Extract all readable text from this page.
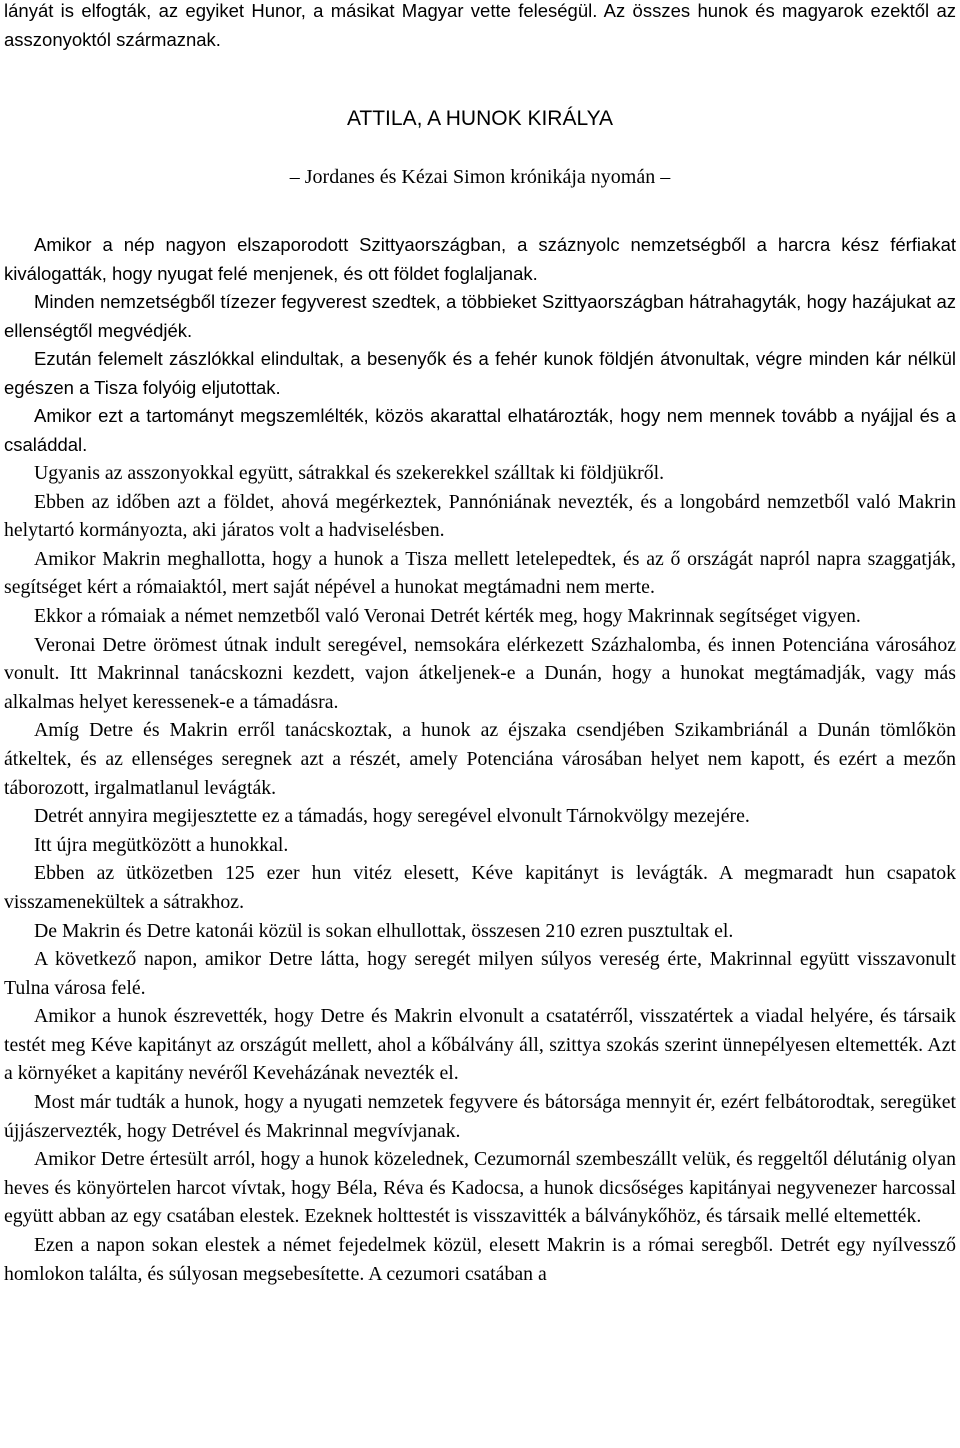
lányát is elfogták, az egyiket Hunor, a másikat Magyar vette feleségül. Az összes hunok és magyarok ezektől az asszonyoktól származnak.

ATTILA, A HUNOK KIRÁLYA

– Jordanes és Kézai Simon krónikája nyomán –

Amikor a nép nagyon elszaporodott Szittyaországban, a száznyolc nemzetségből a harcra kész férfiakat kiválogatták, hogy nyugat felé menjenek, és ott földet foglaljanak.

Minden nemzetségből tízezer fegyverest szedtek, a többieket Szittyaországban hátrahagyták, hogy hazájukat az ellenségtől megvédjék.

Ezután felemelt zászlókkal elindultak, a besenyők és a fehér kunok földjén átvonultak, végre minden kár nélkül egészen a Tisza folyóig eljutottak.

Amikor ezt a tartományt megszemlélték, közös akarattal elhatározták, hogy nem mennek tovább a nyájjal és a családdal.

Ugyanis az asszonyokkal együtt, sátrakkal és szekerekkel szálltak ki földjükről.

Ebben az időben azt a földet, ahová megérkeztek, Pannóniának nevezték, és a longobárd nemzetből való Makrin helytartó kormányozta, aki járatos volt a hadviselésben.

Amikor Makrin meghallotta, hogy a hunok a Tisza mellett letelepedtek, és az ő országát napról napra szaggatják, segítséget kért a rómaiaktól, mert saját népével a hunokat megtámadni nem merte.

Ekkor a rómaiak a német nemzetből való Veronai Detrét kérték meg, hogy Makrinnak segítséget vigyen.

Veronai Detre örömest útnak indult seregével, nemsokára elérkezett Százhalomba, és innen Potenciána városához vonult. Itt Makrinnal tanácskozni kezdett, vajon átkeljenek-e a Dunán, hogy a hunokat megtámadják, vagy más alkalmas helyet keressenek-e a támadásra.

Amíg Detre és Makrin erről tanácskoztak, a hunok az éjszaka csendjében Szikambriánál a Dunán tömlőkön átkeltek, és az ellenséges seregnek azt a részét, amely Potenciána városában helyet nem kapott, és ezért a mezőn táborozott, irgalmatlanul levágták.

Detrét annyira megijesztette ez a támadás, hogy seregével elvonult Tárnokvölgy mezejére.

Itt újra megütközött a hunokkal.

Ebben az ütközetben 125 ezer hun vitéz elesett, Kéve kapitányt is levágták. A megmaradt hun csapatok visszamenekültek a sátrakhoz.

De Makrin és Detre katonái közül is sokan elhullottak, összesen 210 ezren pusztultak el.

A következő napon, amikor Detre látta, hogy seregét milyen súlyos vereség érte, Makrinnal együtt visszavonult Tulna városa felé.

Amikor a hunok észrevették, hogy Detre és Makrin elvonult a csatatérről, visszatértek a viadal helyére, és társaik testét meg Kéve kapitányt az országút mellett, ahol a kőbálvány áll, szittya szokás szerint ünnepélyesen eltemették. Azt a környéket a kapitány nevéről Keveházának nevezték el.

Most már tudták a hunok, hogy a nyugati nemzetek fegyvere és bátorsága mennyit ér, ezért felbátorodtak, seregüket újjászervezték, hogy Detrével és Makrinnal megvívjanak.

Amikor Detre értesült arról, hogy a hunok közelednek, Cezumornál szembeszállt velük, és reggeltől délutánig olyan heves és könyörtelen harcot vívtak, hogy Béla, Réva és Kadocsa, a hunok dicsőséges kapitányai negyvenezer harcossal együtt abban az egy csatában elestek. Ezeknek holttestét is visszavitték a bálványkőhöz, és társaik mellé eltemették.

Ezen a napon sokan elestek a német fejedelmek közül, elesett Makrin is a római seregből. Detrét egy nyílvessző homlokon találta, és súlyosan megsebesítette. A cezumori csatában a
